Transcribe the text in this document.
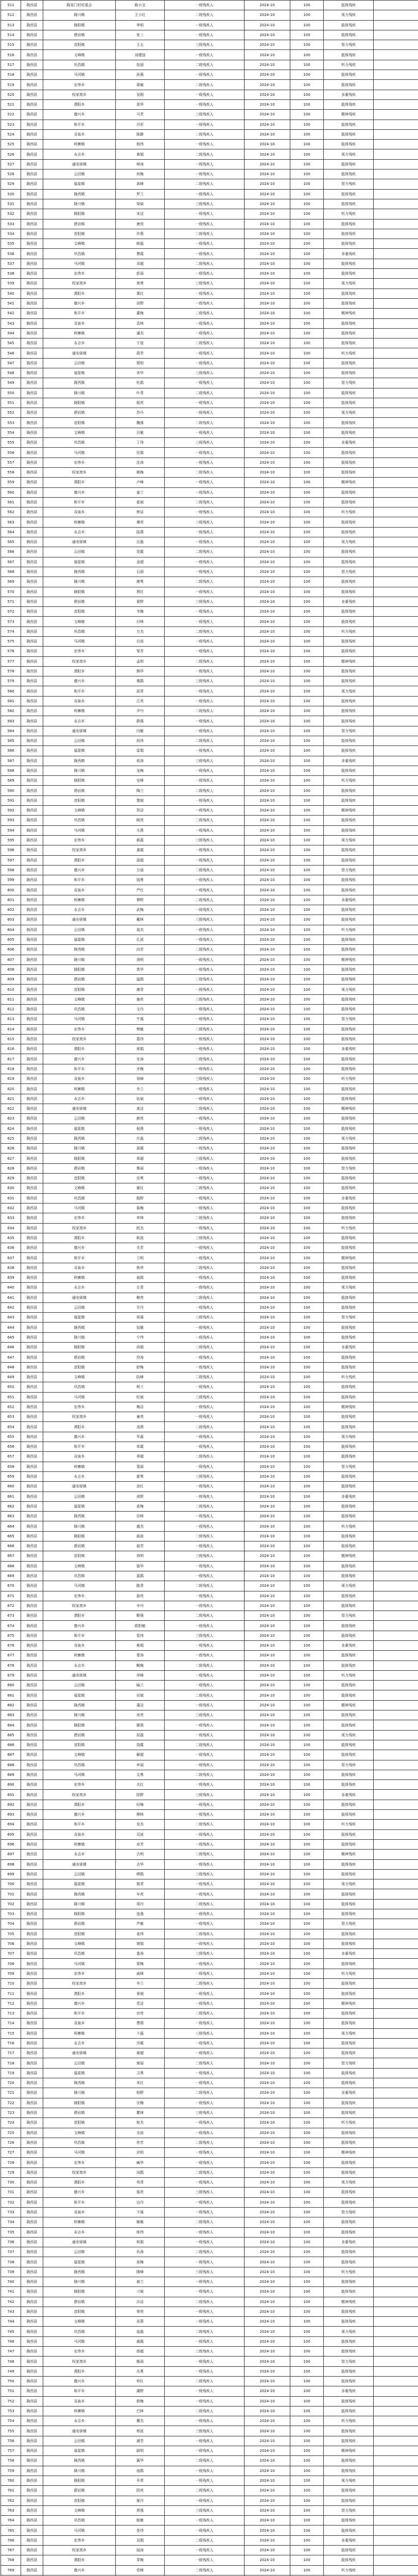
511	陇西县	陈家门村村委会	陈小宝	一级残疾人	2024-10	100	肢体残疾	
512	陇西县	陇川镇	王小红	二级残疾人	2024-10	100	视力残疾	
513	陇西县	陇阳镇	李明	一级残疾人	2024-10	100	肢体残疾	
514	陇西县	碧岩镇	张三	一级残疾人	2024-10	100	肢体残疾	
515	陇西县	首阳镇	王五	三级残疾人	2024-10	100	智力残疾	
516	陇西县	文峰镇	刘建国	一级残疾人	2024-10	100	肢体残疾	
517	陇西县	巩昌镇	赵丽	二级残疾人	2024-10	100	听力残疾	
518	陇西县	马河镇	孙强	一级残疾人	2024-10	100	肢体残疾	
519	陇西县	宏伟乡	周敏	二级残疾人	2024-10	100	肢体残疾	
520	陇西县	权家湾乡	吴刚	一级残疾人	2024-10	100	多重残疾	
521	陇西县	渭阳乡	郑华	一级残疾人	2024-10	100	肢体残疾	
522	陇西县	德兴乡	马芳	三级残疾人	2024-10	100	精神残疾	
523	陇西县	和平乡	冯军	一级残疾人	2024-10	100	肢体残疾	
524	陇西县	双泉乡	陈静	二级残疾人	2024-10	100	肢体残疾	
525	陇西县	柯寨镇	杨伟	一级残疾人	2024-10	100	肢体残疾	
526	陇西县	永吉乡	黄娟	二级残疾人	2024-10	100	视力残疾	
527	陇西县	通安驿镇	林涛	一级残疾人	2024-10	100	肢体残疾	
528	陇西县	云田镇	何梅	一级残疾人	2024-10	100	肢体残疾	
529	陇西县	福星镇	高峰	二级残疾人	2024-10	100	智力残疾	
530	陇西县	陇西镇	罗兰	一级残疾人	2024-10	100	肢体残疾	
531	陇西县	陇川镇	梁斌	三级残疾人	2024-10	100	肢体残疾	
532	陇西县	陇阳镇	宋洁	一级残疾人	2024-10	100	听力残疾	
533	陇西县	碧岩镇	唐亮	一级残疾人	2024-10	100	肢体残疾	
534	陇西县	首阳镇	许燕	二级残疾人	2024-10	100	肢体残疾	
535	陇西县	文峰镇	韩磊	一级残疾人	2024-10	100	肢体残疾	
536	陇西县	巩昌镇	曹霞	一级残疾人	2024-10	100	多重残疾	
537	陇西县	马河镇	邓超	二级残疾人	2024-10	100	肢体残疾	
538	陇西县	宏伟乡	彭丽	一级残疾人	2024-10	100	肢体残疾	
539	陇西县	权家湾乡	曾勇	三级残疾人	2024-10	100	视力残疾	
540	陇西县	渭阳乡	萧红	一级残疾人	2024-10	100	肢体残疾	
541	陇西县	德兴乡	田野	一级残疾人	2024-10	100	肢体残疾	
542	陇西县	和平乡	董梅	二级残疾人	2024-10	100	精神残疾	
543	陇西县	双泉乡	袁林	一级残疾人	2024-10	100	肢体残疾	
544	陇西县	柯寨镇	潘杰	一级残疾人	2024-10	100	肢体残疾	
545	陇西县	永吉乡	于波	二级残疾人	2024-10	100	肢体残疾	
546	陇西县	通安驿镇	蒋芳	一级残疾人	2024-10	100	听力残疾	
547	陇西县	云田镇	蔡明	一级残疾人	2024-10	100	肢体残疾	
548	陇西县	福星镇	余华	三级残疾人	2024-10	100	肢体残疾	
549	陇西县	陇西镇	杜鹃	一级残疾人	2024-10	100	智力残疾	
550	陇西县	陇川镇	叶青	二级残疾人	2024-10	100	肢体残疾	
551	陇西县	陇阳镇	程亮	一级残疾人	2024-10	100	肢体残疾	
552	陇西县	碧岩镇	苏丹	一级残疾人	2024-10	100	视力残疾	
553	陇西县	首阳镇	魏强	二级残疾人	2024-10	100	肢体残疾	
554	陇西县	文峰镇	吕敏	一级残疾人	2024-10	100	肢体残疾	
555	陇西县	巩昌镇	丁伟	三级残疾人	2024-10	100	多重残疾	
556	陇西县	马河镇	任娟	一级残疾人	2024-10	100	肢体残疾	
557	陇西县	宏伟乡	沈涛	一级残疾人	2024-10	100	肢体残疾	
558	陇西县	权家湾乡	姚梅	二级残疾人	2024-10	100	肢体残疾	
559	陇西县	渭阳乡	卢峰	一级残疾人	2024-10	100	精神残疾	
560	陇西县	德兴乡	姜兰	一级残疾人	2024-10	100	肢体残疾	
561	陇西县	和平乡	崔斌	二级残疾人	2024-10	100	肢体残疾	
562	陇西县	双泉乡	钟洁	一级残疾人	2024-10	100	听力残疾	
563	陇西县	柯寨镇	谭亮	三级残疾人	2024-10	100	肢体残疾	
564	陇西县	永吉乡	陆燕	一级残疾人	2024-10	100	肢体残疾	
565	陇西县	通安驿镇	汪磊	一级残疾人	2024-10	100	视力残疾	
566	陇西县	云田镇	范霞	二级残疾人	2024-10	100	肢体残疾	
567	陇西县	福星镇	金超	一级残疾人	2024-10	100	肢体残疾	
568	陇西县	陇西镇	石丽	一级残疾人	2024-10	100	智力残疾	
569	陇西县	陇川镇	廖勇	二级残疾人	2024-10	100	肢体残疾	
570	陇西县	陇阳镇	贾红	一级残疾人	2024-10	100	肢体残疾	
571	陇西县	碧岩镇	夏野	三级残疾人	2024-10	100	多重残疾	
572	陇西县	首阳镇	韦梅	一级残疾人	2024-10	100	肢体残疾	
573	陇西县	文峰镇	付林	一级残疾人	2024-10	100	肢体残疾	
574	陇西县	巩昌镇	方杰	二级残疾人	2024-10	100	听力残疾	
575	陇西县	马河镇	白波	一级残疾人	2024-10	100	肢体残疾	
576	陇西县	宏伟乡	邹芳	一级残疾人	2024-10	100	肢体残疾	
577	陇西县	权家湾乡	孟明	二级残疾人	2024-10	100	精神残疾	
578	陇西县	渭阳乡	熊华	一级残疾人	2024-10	100	肢体残疾	
579	陇西县	德兴乡	秦鹃	三级残疾人	2024-10	100	肢体残疾	
580	陇西县	和平乡	邱青	一级残疾人	2024-10	100	视力残疾	
581	陇西县	双泉乡	江亮	一级残疾人	2024-10	100	肢体残疾	
582	陇西县	柯寨镇	尹丹	二级残疾人	2024-10	100	肢体残疾	
583	陇西县	永吉乡	薛强	一级残疾人	2024-10	100	肢体残疾	
584	陇西县	通安驿镇	闫敏	一级残疾人	2024-10	100	智力残疾	
585	陇西县	云田镇	段伟	二级残疾人	2024-10	100	肢体残疾	
586	陇西县	福星镇	雷娟	一级残疾人	2024-10	100	肢体残疾	
587	陇西县	陇西镇	侯涛	三级残疾人	2024-10	100	多重残疾	
588	陇西县	陇川镇	龙梅	一级残疾人	2024-10	100	肢体残疾	
589	陇西县	陇阳镇	史峰	一级残疾人	2024-10	100	听力残疾	
590	陇西县	碧岩镇	陶兰	二级残疾人	2024-10	100	肢体残疾	
591	陇西县	首阳镇	黎斌	一级残疾人	2024-10	100	肢体残疾	
592	陇西县	文峰镇	贺洁	一级残疾人	2024-10	100	精神残疾	
593	陇西县	巩昌镇	顾亮	二级残疾人	2024-10	100	肢体残疾	
594	陇西县	马河镇	毛燕	一级残疾人	2024-10	100	肢体残疾	
595	陇西县	宏伟乡	郝磊	三级残疾人	2024-10	100	视力残疾	
596	陇西县	权家湾乡	龚霞	一级残疾人	2024-10	100	肢体残疾	
597	陇西县	渭阳乡	邵超	一级残疾人	2024-10	100	肢体残疾	
598	陇西县	德兴乡	万丽	二级残疾人	2024-10	100	智力残疾	
599	陇西县	和平乡	钱勇	一级残疾人	2024-10	100	肢体残疾	
600	陇西县	双泉乡	严红	一级残疾人	2024-10	100	肢体残疾	
601	陇西县	柯寨镇	覃野	二级残疾人	2024-10	100	多重残疾	
602	陇西县	永吉乡	武梅	一级残疾人	2024-10	100	肢体残疾	
603	陇西县	通安驿镇	戴林	三级残疾人	2024-10	100	肢体残疾	
604	陇西县	云田镇	莫杰	一级残疾人	2024-10	100	听力残疾	
605	陇西县	福星镇	孔波	一级残疾人	2024-10	100	肢体残疾	
606	陇西县	陇西镇	向芳	二级残疾人	2024-10	100	肢体残疾	
607	陇西县	陇川镇	汤明	一级残疾人	2024-10	100	精神残疾	
608	陇西县	陇阳镇	常华	一级残疾人	2024-10	100	肢体残疾	
609	陇西县	碧岩镇	温鹃	二级残疾人	2024-10	100	肢体残疾	
610	陇西县	首阳镇	康青	一级残疾人	2024-10	100	视力残疾	
611	陇西县	文峰镇	施亮	三级残疾人	2024-10	100	肢体残疾	
612	陇西县	巩昌镇	文丹	一级残疾人	2024-10	100	肢体残疾	
613	陇西县	马河镇	牛强	一级残疾人	2024-10	100	智力残疾	
614	陇西县	宏伟乡	樊敏	二级残疾人	2024-10	100	肢体残疾	
615	陇西县	权家湾乡	葛伟	一级残疾人	2024-10	100	肢体残疾	
616	陇西县	渭阳乡	邢娟	一级残疾人	2024-10	100	多重残疾	
617	陇西县	德兴乡	安涛	二级残疾人	2024-10	100	肢体残疾	
618	陇西县	和平乡	齐梅	一级残疾人	2024-10	100	肢体残疾	
619	陇西县	双泉乡	易峰	三级残疾人	2024-10	100	听力残疾	
620	陇西县	柯寨镇	乔兰	一级残疾人	2024-10	100	肢体残疾	
621	陇西县	永吉乡	伍斌	一级残疾人	2024-10	100	肢体残疾	
622	陇西县	通安驿镇	庞洁	二级残疾人	2024-10	100	精神残疾	
623	陇西县	云田镇	颜亮	一级残疾人	2024-10	100	肢体残疾	
624	陇西县	福星镇	倪燕	一级残疾人	2024-10	100	肢体残疾	
625	陇西县	陇西镇	庄磊	二级残疾人	2024-10	100	视力残疾	
626	陇西县	陇川镇	聂霞	一级残疾人	2024-10	100	肢体残疾	
627	陇西县	陇阳镇	章超	三级残疾人	2024-10	100	肢体残疾	
628	陇西县	碧岩镇	鲁丽	一级残疾人	2024-10	100	智力残疾	
629	陇西县	首阳镇	岳勇	一级残疾人	2024-10	100	肢体残疾	
630	陇西县	文峰镇	翟红	二级残疾人	2024-10	100	肢体残疾	
631	陇西县	巩昌镇	殷野	一级残疾人	2024-10	100	多重残疾	
632	陇西县	马河镇	詹梅	一级残疾人	2024-10	100	肢体残疾	
633	陇西县	宏伟乡	申林	二级残疾人	2024-10	100	肢体残疾	
634	陇西县	权家湾乡	欧杰	一级残疾人	2024-10	100	听力残疾	
635	陇西县	渭阳乡	耿波	三级残疾人	2024-10	100	肢体残疾	
636	陇西县	德兴乡	关芳	一级残疾人	2024-10	100	肢体残疾	
637	陇西县	和平乡	兰明	一级残疾人	2024-10	100	精神残疾	
638	陇西县	双泉乡	焦华	二级残疾人	2024-10	100	肢体残疾	
639	陇西县	柯寨镇	俞鹃	一级残疾人	2024-10	100	肢体残疾	
640	陇西县	永吉乡	左青	一级残疾人	2024-10	100	视力残疾	
641	陇西县	通安驿镇	柳亮	二级残疾人	2024-10	100	肢体残疾	
642	陇西县	云田镇	甘丹	一级残疾人	2024-10	100	肢体残疾	
643	陇西县	福星镇	祝强	三级残疾人	2024-10	100	智力残疾	
644	陇西县	陇西镇	包敏	一级残疾人	2024-10	100	肢体残疾	
645	陇西县	陇川镇	宁伟	一级残疾人	2024-10	100	肢体残疾	
646	陇西县	陇阳镇	尚娟	二级残疾人	2024-10	100	多重残疾	
647	陇西县	碧岩镇	符涛	一级残疾人	2024-10	100	肢体残疾	
648	陇西县	首阳镇	舒梅	一级残疾人	2024-10	100	肢体残疾	
649	陇西县	文峰镇	阮峰	二级残疾人	2024-10	100	听力残疾	
650	陇西县	巩昌镇	柯兰	一级残疾人	2024-10	100	肢体残疾	
651	陇西县	马河镇	纪斌	三级残疾人	2024-10	100	肢体残疾	
652	陇西县	宏伟乡	梅洁	一级残疾人	2024-10	100	精神残疾	
653	陇西县	权家湾乡	童亮	一级残疾人	2024-10	100	肢体残疾	
654	陇西县	渭阳乡	凌燕	二级残疾人	2024-10	100	肢体残疾	
655	陇西县	德兴乡	毕磊	一级残疾人	2024-10	100	视力残疾	
656	陇西县	和平乡	单霞	一级残疾人	2024-10	100	肢体残疾	
657	陇西县	双泉乡	季超	二级残疾人	2024-10	100	肢体残疾	
658	陇西县	柯寨镇	裴丽	一级残疾人	2024-10	100	智力残疾	
659	陇西县	永吉乡	霍勇	三级残疾人	2024-10	100	肢体残疾	
660	陇西县	通安驿镇	涂红	一级残疾人	2024-10	100	肢体残疾	
661	陇西县	云田镇	成野	一级残疾人	2024-10	100	多重残疾	
662	陇西县	福星镇	苗梅	二级残疾人	2024-10	100	肢体残疾	
663	陇西县	陇西镇	谷林	一级残疾人	2024-10	100	肢体残疾	
664	陇西县	陇川镇	盛杰	一级残疾人	2024-10	100	听力残疾	
665	陇西县	陇阳镇	曲波	二级残疾人	2024-10	100	肢体残疾	
666	陇西县	碧岩镇	翁芳	一级残疾人	2024-10	100	肢体残疾	
667	陇西县	首阳镇	冉明	三级残疾人	2024-10	100	精神残疾	
668	陇西县	文峰镇	骆华	一级残疾人	2024-10	100	肢体残疾	
669	陇西县	巩昌镇	蓝鹃	一级残疾人	2024-10	100	肢体残疾	
670	陇西县	马河镇	路青	二级残疾人	2024-10	100	视力残疾	
671	陇西县	宏伟乡	游亮	一级残疾人	2024-10	100	肢体残疾	
672	陇西县	权家湾乡	辛丹	一级残疾人	2024-10	100	肢体残疾	
673	陇西县	渭阳乡	靳强	二级残疾人	2024-10	100	智力残疾	
674	陇西县	德兴乡	欧阳敏	一级残疾人	2024-10	100	肢体残疾	
675	陇西县	和平乡	管伟	三级残疾人	2024-10	100	肢体残疾	
676	陇西县	双泉乡	柴娟	一级残疾人	2024-10	100	多重残疾	
677	陇西县	柯寨镇	蒙涛	一级残疾人	2024-10	100	肢体残疾	
678	陇西县	永吉乡	鲍梅	二级残疾人	2024-10	100	肢体残疾	
679	陇西县	通安驿镇	华峰	一级残疾人	2024-10	100	听力残疾	
680	陇西县	云田镇	喻兰	一级残疾人	2024-10	100	肢体残疾	
681	陇西县	福星镇	祁斌	二级残疾人	2024-10	100	肢体残疾	
682	陇西县	陇西镇	蒲洁	一级残疾人	2024-10	100	精神残疾	
683	陇西县	陇川镇	房亮	三级残疾人	2024-10	100	肢体残疾	
684	陇西县	陇阳镇	滕燕	一级残疾人	2024-10	100	肢体残疾	
685	陇西县	碧岩镇	屈磊	一级残疾人	2024-10	100	视力残疾	
686	陇西县	首阳镇	饶霞	二级残疾人	2024-10	100	肢体残疾	
687	陇西县	文峰镇	解超	一级残疾人	2024-10	100	肢体残疾	
688	陇西县	巩昌镇	牟丽	一级残疾人	2024-10	100	智力残疾	
689	陇西县	马河镇	艾勇	二级残疾人	2024-10	100	肢体残疾	
690	陇西县	宏伟乡	尤红	一级残疾人	2024-10	100	肢体残疾	
691	陇西县	权家湾乡	阳野	三级残疾人	2024-10	100	多重残疾	
692	陇西县	渭阳乡	时梅	一级残疾人	2024-10	100	肢体残疾	
693	陇西县	德兴乡	穆林	一级残疾人	2024-10	100	肢体残疾	
694	陇西县	和平乡	农杰	二级残疾人	2024-10	100	听力残疾	
695	陇西县	双泉乡	司波	一级残疾人	2024-10	100	肢体残疾	
696	陇西县	柯寨镇	卓芳	一级残疾人	2024-10	100	肢体残疾	
697	陇西县	永吉乡	古明	二级残疾人	2024-10	100	精神残疾	
698	陇西县	通安驿镇	吉华	一级残疾人	2024-10	100	肢体残疾	
699	陇西县	云田镇	缪鹃	三级残疾人	2024-10	100	肢体残疾	
700	陇西县	福星镇	简青	一级残疾人	2024-10	100	视力残疾	
701	陇西县	陇西镇	车亮	一级残疾人	2024-10	100	肢体残疾	
702	陇西县	陇川镇	项丹	二级残疾人	2024-10	100	肢体残疾	
703	陇西县	陇阳镇	连强	一级残疾人	2024-10	100	肢体残疾	
704	陇西县	碧岩镇	芦敏	一级残疾人	2024-10	100	智力残疾	
705	陇西县	首阳镇	麦伟	二级残疾人	2024-10	100	肢体残疾	
706	陇西县	文峰镇	褚娟	一级残疾人	2024-10	100	肢体残疾	
707	陇西县	巩昌镇	娄涛	三级残疾人	2024-10	100	多重残疾	
708	陇西县	马河镇	窦梅	一级残疾人	2024-10	100	肢体残疾	
709	陇西县	宏伟乡	戚峰	一级残疾人	2024-10	100	听力残疾	
710	陇西县	权家湾乡	岑兰	二级残疾人	2024-10	100	肢体残疾	
711	陇西县	渭阳乡	景斌	一级残疾人	2024-10	100	肢体残疾	
712	陇西县	德兴乡	党洁	一级残疾人	2024-10	100	精神残疾	
713	陇西县	和平乡	宫亮	二级残疾人	2024-10	100	肢体残疾	
714	陇西县	双泉乡	费燕	一级残疾人	2024-10	100	肢体残疾	
715	陇西县	柯寨镇	卜磊	三级残疾人	2024-10	100	视力残疾	
716	陇西县	永吉乡	冷霞	一级残疾人	2024-10	100	肢体残疾	
717	陇西县	通安驿镇	晏超	一级残疾人	2024-10	100	肢体残疾	
718	陇西县	云田镇	席丽	二级残疾人	2024-10	100	智力残疾	
719	陇西县	福星镇	卫勇	一级残疾人	2024-10	100	肢体残疾	
720	陇西县	陇西镇	米红	一级残疾人	2024-10	100	肢体残疾	
721	陇西县	陇川镇	柏野	二级残疾人	2024-10	100	多重残疾	
722	陇西县	陇阳镇	宗梅	一级残疾人	2024-10	100	肢体残疾	
723	陇西县	碧岩镇	瞿林	三级残疾人	2024-10	100	肢体残疾	
724	陇西县	首阳镇	桂杰	一级残疾人	2024-10	100	听力残疾	
725	陇西县	文峰镇	全波	一级残疾人	2024-10	100	肢体残疾	
726	陇西县	巩昌镇	佟芳	二级残疾人	2024-10	100	肢体残疾	
727	陇西县	马河镇	应明	一级残疾人	2024-10	100	精神残疾	
728	陇西县	宏伟乡	臧华	一级残疾人	2024-10	100	肢体残疾	
729	陇西县	权家湾乡	闵鹃	二级残疾人	2024-10	100	肢体残疾	
730	陇西县	渭阳乡	苟青	一级残疾人	2024-10	100	视力残疾	
731	陇西县	德兴乡	邬亮	三级残疾人	2024-10	100	肢体残疾	
732	陇西县	和平乡	边丹	一级残疾人	2024-10	100	肢体残疾	
733	陇西县	双泉乡	卞强	一级残疾人	2024-10	100	智力残疾	
734	陇西县	柯寨镇	姬敏	二级残疾人	2024-10	100	肢体残疾	
735	陇西县	永吉乡	师伟	一级残疾人	2024-10	100	肢体残疾	
736	陇西县	通安驿镇	和娟	一级残疾人	2024-10	100	多重残疾	
737	陇西县	云田镇	仇涛	二级残疾人	2024-10	100	肢体残疾	
738	陇西县	福星镇	栾梅	一级残疾人	2024-10	100	肢体残疾	
739	陇西县	陇西镇	隋峰	三级残疾人	2024-10	100	听力残疾	
740	陇西县	陇川镇	商兰	一级残疾人	2024-10	100	肢体残疾	
741	陇西县	陇阳镇	刁斌	一级残疾人	2024-10	100	肢体残疾	
742	陇西县	碧岩镇	沙洁	二级残疾人	2024-10	100	精神残疾	
743	陇西县	首阳镇	荣亮	一级残疾人	2024-10	100	肢体残疾	
744	陇西县	文峰镇	巫燕	一级残疾人	2024-10	100	肢体残疾	
745	陇西县	巩昌镇	寇磊	二级残疾人	2024-10	100	视力残疾	
746	陇西县	马河镇	桑霞	一级残疾人	2024-10	100	肢体残疾	
747	陇西县	宏伟乡	郎超	三级残疾人	2024-10	100	肢体残疾	
748	陇西县	权家湾乡	甄丽	一级残疾人	2024-10	100	智力残疾	
749	陇西县	渭阳乡	丛勇	一级残疾人	2024-10	100	肢体残疾	
750	陇西县	德兴乡	仲红	二级残疾人	2024-10	100	肢体残疾	
751	陇西县	和平乡	虞野	一级残疾人	2024-10	100	多重残疾	
752	陇西县	双泉乡	敖梅	一级残疾人	2024-10	100	肢体残疾	
753	陇西县	柯寨镇	巴林	二级残疾人	2024-10	100	肢体残疾	
754	陇西县	永吉乡	冀杰	一级残疾人	2024-10	100	听力残疾	
755	陇西县	通安驿镇	郏波	三级残疾人	2024-10	100	肢体残疾	
756	陇西县	云田镇	浦芳	一级残疾人	2024-10	100	肢体残疾	
757	陇西县	福星镇	尉明	一级残疾人	2024-10	100	精神残疾	
758	陇西县	陇西镇	蔺华	二级残疾人	2024-10	100	肢体残疾	
759	陇西县	陇川镇	池鹃	一级残疾人	2024-10	100	肢体残疾	
760	陇西县	陇阳镇	乔青	一级残疾人	2024-10	100	视力残疾	
761	陇西县	碧岩镇	阴亮	二级残疾人	2024-10	100	肢体残疾	
762	陇西县	首阳镇	郁丹	一级残疾人	2024-10	100	肢体残疾	
763	陇西县	文峰镇	胥强	三级残疾人	2024-10	100	智力残疾	
764	陇西县	巩昌镇	能敏	一级残疾人	2024-10	100	肢体残疾	
765	陇西县	马河镇	苍伟	一级残疾人	2024-10	100	肢体残疾	
766	陇西县	宏伟乡	双娟	二级残疾人	2024-10	100	多重残疾	
767	陇西县	权家湾乡	闻涛	一级残疾人	2024-10	100	肢体残疾	
768	陇西县	渭阳乡	莘梅	一级残疾人	2024-10	100	肢体残疾	
769	陇西县	德兴乡	党峰	二级残疾人	2024-10	100	听力残疾	
